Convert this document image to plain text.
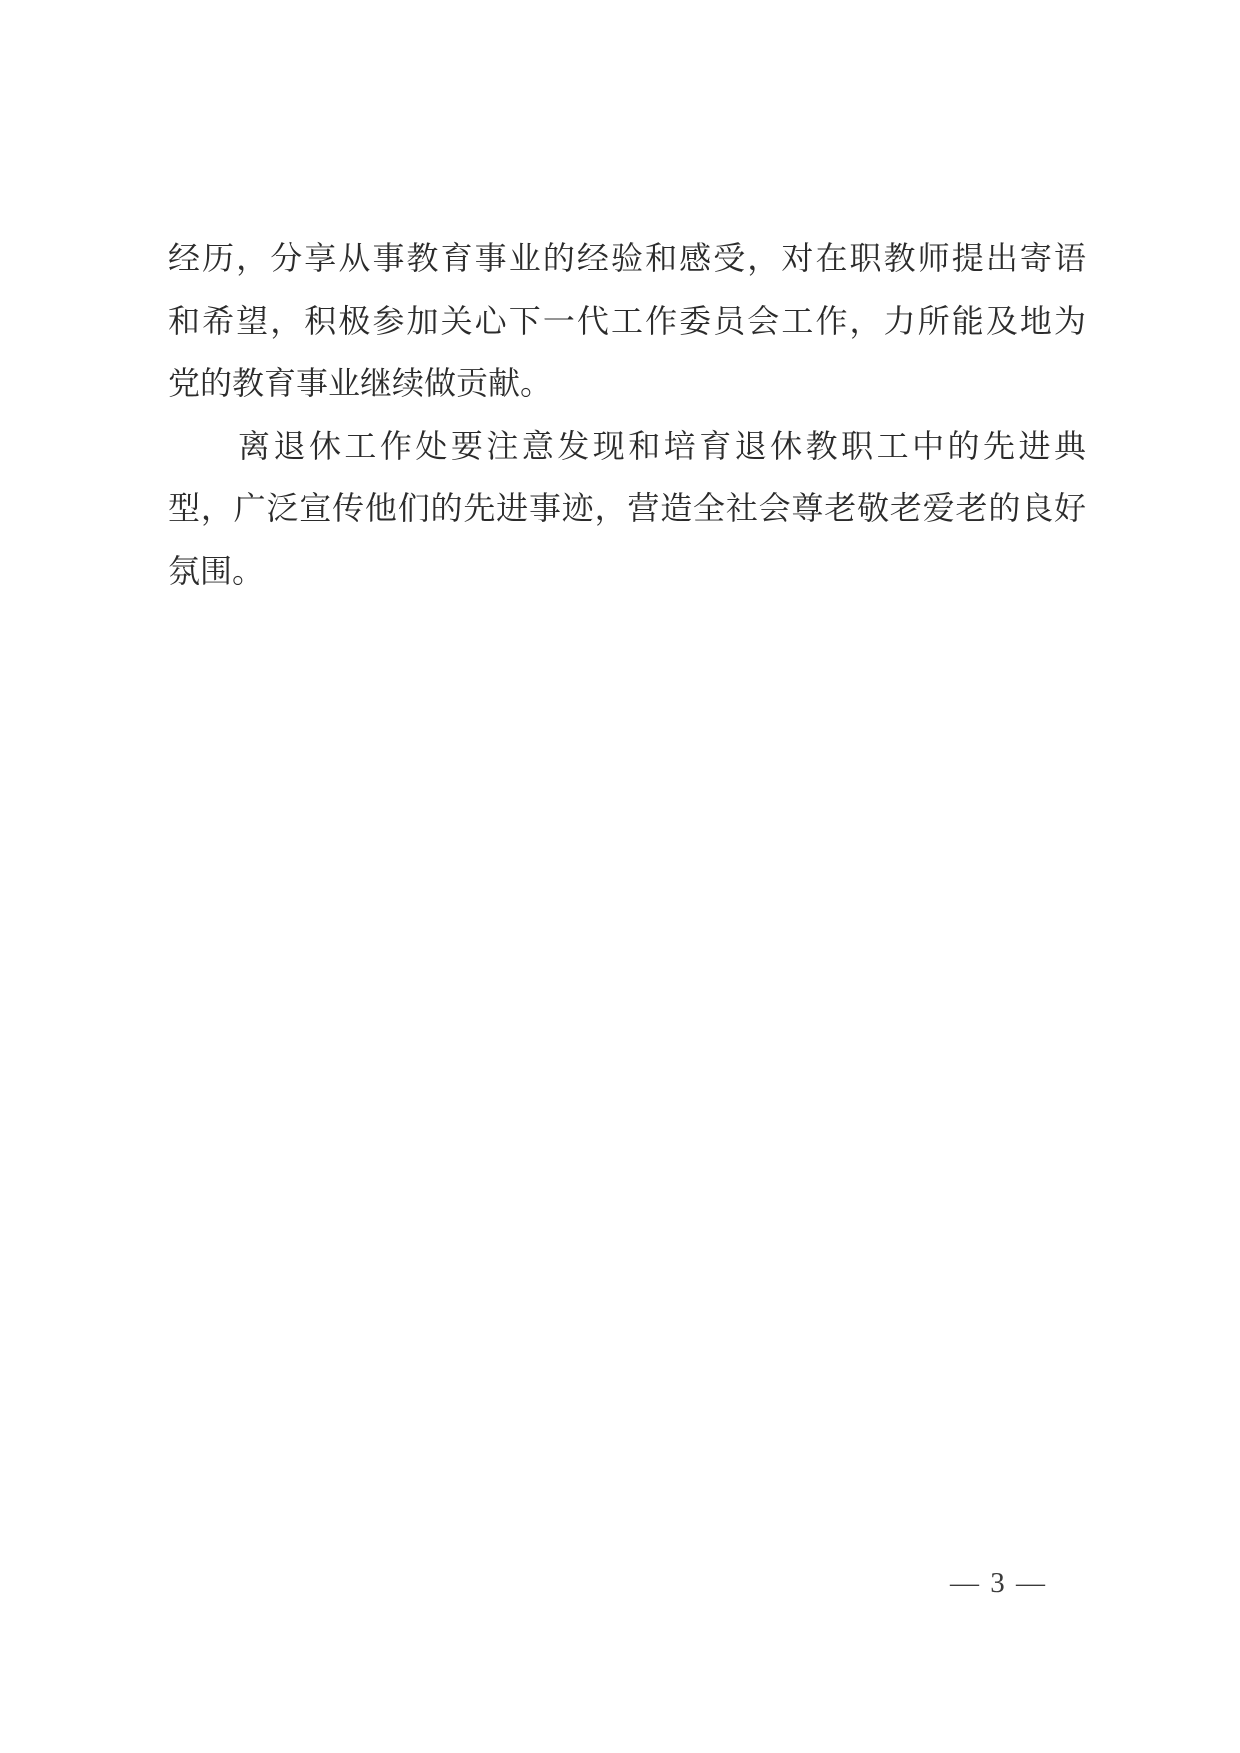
经历，分享从事教育事业的经验和感受，对在职教师提出寄语
和希望，积极参加关心下一代工作委员会工作，力所能及地为
党的教育事业继续做贡献。
离退休工作处要注意发现和培育退休教职工中的先进典
型，广泛宣传他们的先进事迹，营造全社会尊老敬老爱老的良好
氛围。
— 3 —
